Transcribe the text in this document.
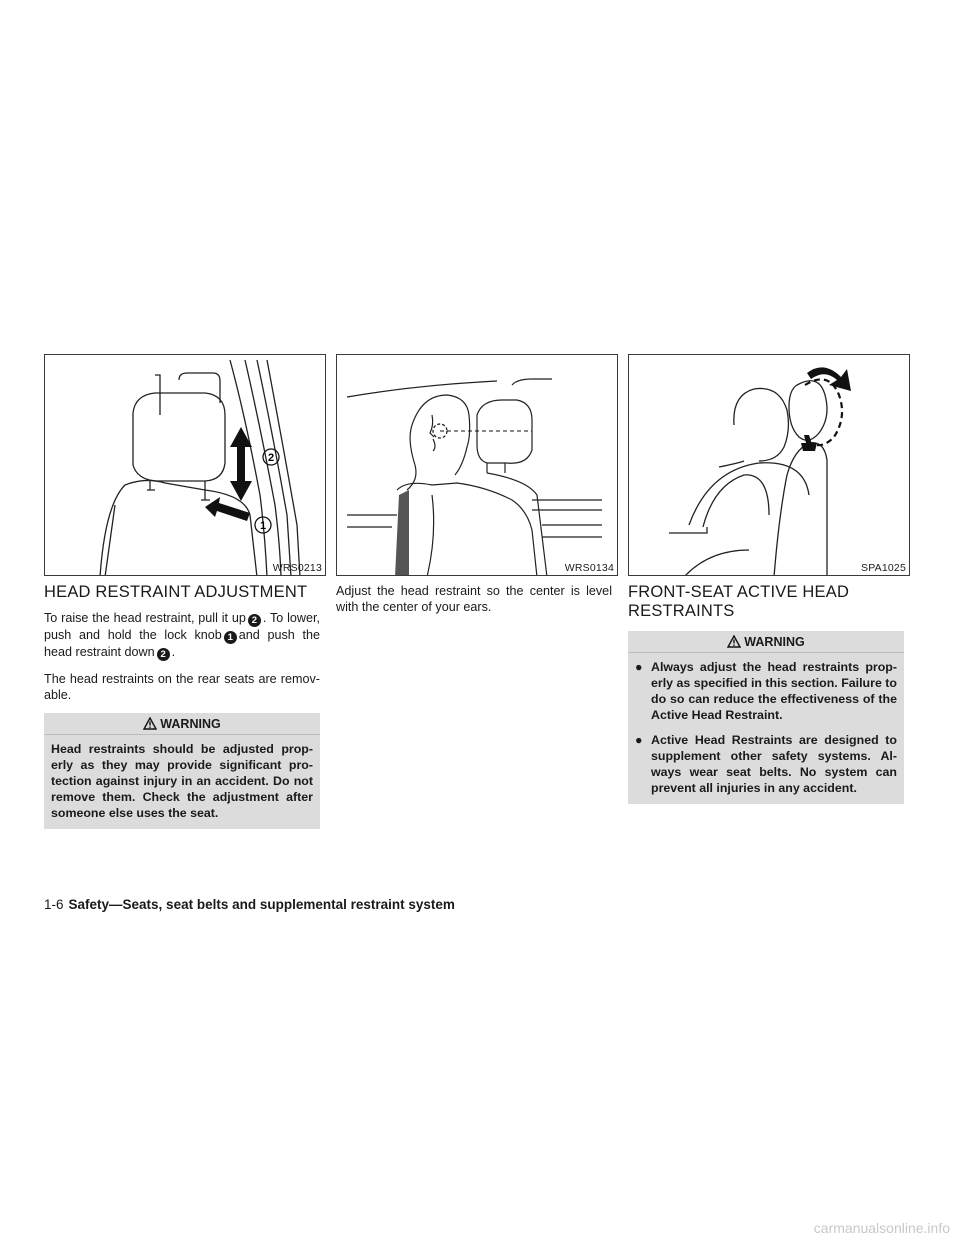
2
1
WRS0213	WRS0134	SPA1025
HEAD RESTRAINT ADJUSTMENT

To raise the head restraint, pull it up 2 . To lower, push and hold the lock knob 1 and push the head restraint down 2 .

The head restraints on the rear seats are remov-able.

WARNING

Head restraints should be adjusted prop-erly as they may provide significant pro-tection against injury in an accident. Do not remove them. Check the adjustment after someone else uses the seat.

Adjust the head restraint so the center is level with the center of your ears.

FRONT-SEAT ACTIVE HEAD RESTRAINTS
WARNING
● Always adjust the head restraints prop-erly as specified in this section. Failure to do so can reduce the effectiveness of the Active Head Restraint.

● Active Head Restraints are designed to supplement other safety systems. Al-ways wear seat belts. No system can prevent all injuries in any accident.

1-6 Safety—Seats, seat belts and supplemental restraint system
carmanualsonline.info
